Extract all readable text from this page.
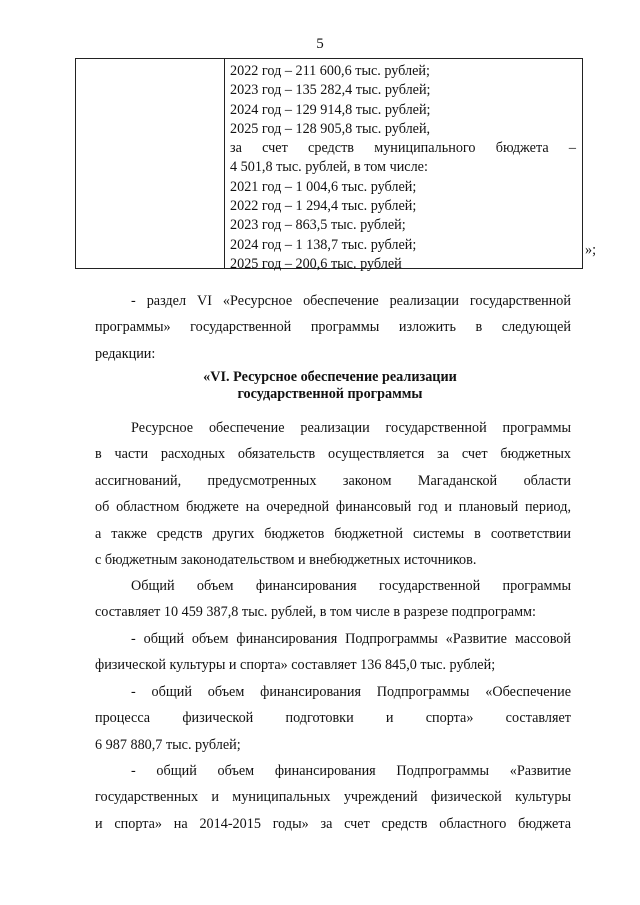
5
2022 год – 211 600,6 тыс. рублей;
2023 год – 135 282,4 тыс. рублей;
2024 год – 129 914,8 тыс. рублей;
2025 год – 128 905,8 тыс. рублей,
за счет средств муниципального бюджета –
4 501,8 тыс. рублей, в том числе:
2021 год – 1 004,6 тыс. рублей;
2022 год – 1 294,4 тыс. рублей;
2023 год – 863,5 тыс. рублей;
2024 год – 1 138,7 тыс. рублей;
2025 год – 200,6 тыс. рублей
»;
- раздел VI «Ресурсное обеспечение реализации государственной
программы» государственной программы изложить в следующей
редакции:
«VI. Ресурсное обеспечение реализации
государственной программы
Ресурсное обеспечение реализации государственной программы
в части расходных обязательств осуществляется за счет бюджетных
ассигнований, предусмотренных законом Магаданской области
об областном бюджете на очередной финансовый год и плановый период,
а также средств других бюджетов бюджетной системы в соответствии
с бюджетным законодательством и внебюджетных источников.
Общий объем финансирования государственной программы
составляет 10 459 387,8 тыс. рублей, в том числе в разрезе подпрограмм:
- общий объем финансирования Подпрограммы «Развитие массовой
физической культуры и спорта» составляет 136 845,0 тыс. рублей;
- общий объем финансирования Подпрограммы «Обеспечение
процесса физической подготовки и спорта» составляет
6 987 880,7 тыс. рублей;
- общий объем финансирования Подпрограммы «Развитие
государственных и муниципальных учреждений физической культуры
и спорта» на 2014-2015 годы» за счет средств областного бюджета
